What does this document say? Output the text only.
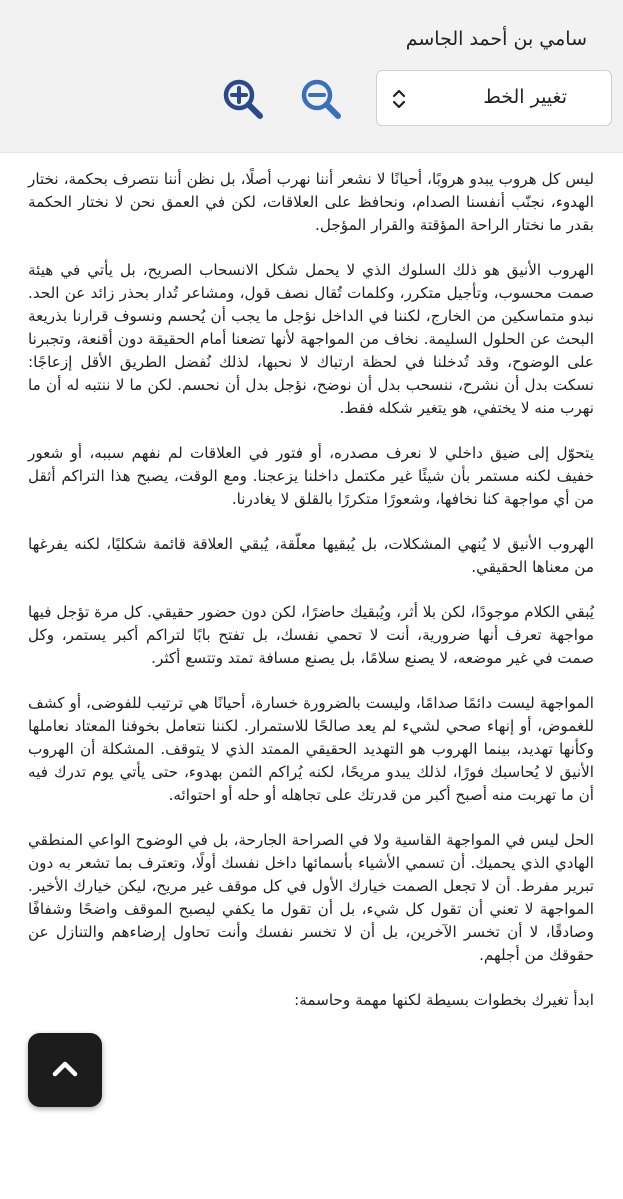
سامي بن أحمد الجاسم
تغيير الخط

ليس كل هروب يبدو هروبًا، أحيانًا لا نشعر أننا نهرب أصلًا، بل نظن أننا نتصرف بحكمة، نختار الهدوء، نجنّب أنفسنا الصدام، ونحافظ على العلاقات، لكن في العمق نحن لا نختار الحكمة بقدر ما نختار الراحة المؤقتة والقرار المؤجل.

الهروب الأنيق هو ذلك السلوك الذي لا يحمل شكل الانسحاب الصريح، بل يأتي في هيئة صمت محسوب، وتأجيل متكرر، وكلمات تُقال نصف قول، ومشاعر تُدار بحذر زائد عن الحد. نبدو متماسكين من الخارج، لكننا في الداخل نؤجل ما يجب أن يُحسم ونسوف قرارنا بذريعة البحث عن الحلول السليمة. نخاف من المواجهة لأنها تضعنا أمام الحقيقة دون أقنعة، وتجبرنا على الوضوح، وقد تُدخلنا في لحظة ارتباك لا نحبها، لذلك نُفضل الطريق الأقل إزعاجًا: نسكت بدل أن نشرح، ننسحب بدل أن نوضح، نؤجل بدل أن نحسم. لكن ما لا ننتبه له أن ما نهرب منه لا يختفي، هو يتغير شكله فقط.

يتحوّل إلى ضيق داخلي لا نعرف مصدره، أو فتور في العلاقات لم نفهم سببه، أو شعور خفيف لكنه مستمر بأن شيئًا غير مكتمل داخلنا يزعجنا. ومع الوقت، يصبح هذا التراكم أثقل من أي مواجهة كنا نخافها، وشعورًا متكررًا بالقلق لا يغادرنا.

الهروب الأنيق لا يُنهي المشكلات، بل يُبقيها معلّقة، يُبقي العلاقة قائمة شكليًا، لكنه يفرغها من معناها الحقيقي.

يُبقي الكلام موجودًا، لكن بلا أثر، ويُبقيك حاضرًا، لكن دون حضور حقيقي. كل مرة تؤجل فيها مواجهة تعرف أنها ضرورية، أنت لا تحمي نفسك، بل تفتح بابًا لتراكم أكبر يستمر، وكل صمت في غير موضعه، لا يصنع سلامًا، بل يصنع مسافة تمتد وتتسع أكثر.

المواجهة ليست دائمًا صدامًا، وليست بالضرورة خسارة، أحيانًا هي ترتيب للفوضى، أو كشف للغموض، أو إنهاء صحي لشيء لم يعد صالحًا للاستمرار. لكننا نتعامل بخوفنا المعتاد نعاملها وكأنها تهديد، بينما الهروب هو التهديد الحقيقي الممتد الذي لا يتوقف. المشكلة أن الهروب الأنيق لا يُحاسبك فورًا، لذلك يبدو مريحًا، لكنه يُراكم الثمن بهدوء، حتى يأتي يوم تدرك فيه أن ما تهربت منه أصبح أكبر من قدرتك على تجاهله أو حله أو احتوائه.

الحل ليس في المواجهة القاسية ولا في الصراحة الجارحة، بل في الوضوح الواعي المنطقي الهادي الذي يحميك. أن تسمي الأشياء بأسمائها داخل نفسك أولًا، وتعترف بما تشعر به دون تبرير مفرط. أن لا تجعل الصمت خيارك الأول في كل موقف غير مريح، ليكن خيارك الأخير. المواجهة لا تعني أن تقول كل شيء، بل أن تقول ما يكفي ليصبح الموقف واضحًا وشفافًا وصادقًا، لا أن تخسر الآخرين، بل أن لا تخسر نفسك وأنت تحاول إرضاءهم والتنازل عن حقوقك من أجلهم.

ابدأ تغيرك بخطوات بسيطة لكنها مهمة وحاسمة:
